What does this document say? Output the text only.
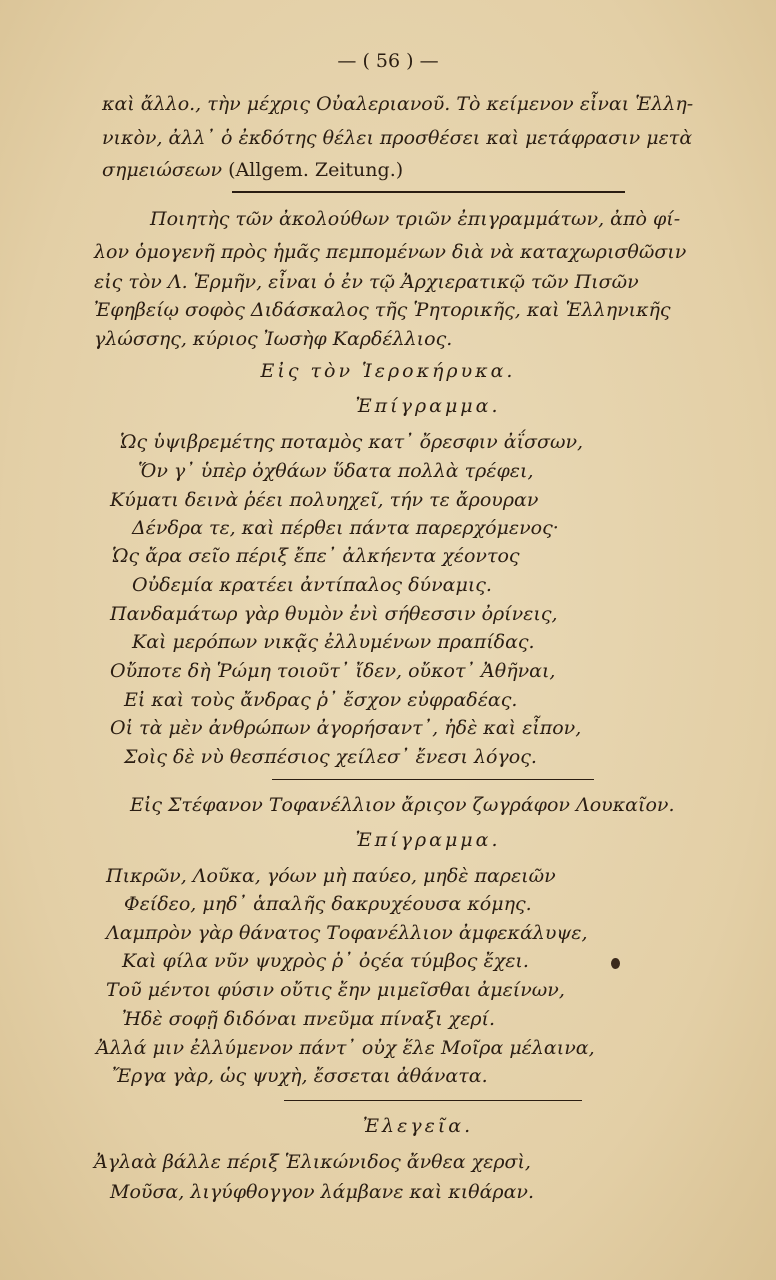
— ( 56 ) —
καὶ ἄλλο., τὴν μέχρις Οὐαλεριανοῦ. Τὸ κείμενον εἶναι Ἑλλη-
νικὸν, ἀλλ᾿ ὁ ἐκδότης θέλει προσθέσει καὶ μετάφρασιν μετὰ
σημειώσεων (Allgem. Zeitung.)
Ποιητὴς τῶν ἀκολούθων τριῶν ἐπιγραμμάτων, ἀπὸ φί-
λον ὁμογενῆ πρὸς ἡμᾶς πεμπομένων διὰ νὰ καταχωρισθῶσιν
εἰς τὸν Λ. Ἑρμῆν, εἶναι ὁ ἐν τῷ Ἀρχιερατικῷ τῶν Πισῶν
Ἐφηβείῳ σοφὸς Διδάσκαλος τῆς Ῥητορικῆς, καὶ Ἑλληνικῆς
γλώσσης, κύριος Ἰωσὴφ Καρδέλλιος.
Εἰς τὸν Ἱεροκήρυκα.
Ἐπίγραμμα.
Ὡς ὑψιβρεμέτης ποταμὸς κατ᾿ ὄρεσφιν ἀΐσσων,
Ὅν γ᾿ ὑπὲρ ὀχθάων ὕδατα πολλὰ τρέφει,
Κύματι δεινὰ ῥέει πολυηχεῖ, τήν τε ἄρουραν
Δένδρα τε, καὶ πέρθει πάντα παρερχόμενος·
Ὡς ἄρα σεῖο πέριξ ἔπε᾿ ἀλκήεντα χέοντος
Οὐδεμία κρατέει ἀντίπαλος δύναμις.
Πανδαμάτωρ γὰρ θυμὸν ἐνὶ σήθεσσιν ὀρίνεις,
Καὶ μερόπων νικᾷς ἐλλυμένων πραπίδας.
Οὔποτε δὴ Ῥώμη τοιοῦτ᾿ ἴδεν, οὔκοτ᾿ Ἀθῆναι,
Εἰ καὶ τοὺς ἄνδρας ῥ᾿ ἔσχον εὐφραδέας.
Οἱ τὰ μὲν ἀνθρώπων ἀγορήσαντ᾿, ἠδὲ καὶ εἶπον,
Σοὶς δὲ νὺ θεσπέσιος χείλεσ᾿ ἔνεσι λόγος.
Εἰς Στέφανον Τοφανέλλιον ἄριςον ζωγράφον Λουκαῖον.
Ἐπίγραμμα.
Πικρῶν, Λοῦκα, γόων μὴ παύεο, μηδὲ παρειῶν
Φείδεο, μηδ᾿ ἁπαλῆς δακρυχέουσα κόμης.
Λαμπρὸν γὰρ θάνατος Τοφανέλλιον ἀμφεκάλυψε,
Καὶ φίλα νῦν ψυχρὸς ῥ᾿ ὀςέα τύμβος ἔχει.
Τοῦ μέντοι φύσιν οὔτις ἔην μιμεῖσθαι ἀμείνων,
Ἠδὲ σοφῇ διδόναι πνεῦμα πίναξι χερί.
Ἀλλά μιν ἐλλύμενον πάντ᾿ οὐχ ἕλε Μοῖρα μέλαινα,
Ἔργα γὰρ, ὡς ψυχὴ, ἔσσεται ἀθάνατα.
Ἐλεγεῖα.
Ἀγλαὰ βάλλε πέριξ Ἑλικώνιδος ἄνθεα χερσὶ,
Μοῦσα, λιγύφθογγον λάμβανε καὶ κιθάραν.
